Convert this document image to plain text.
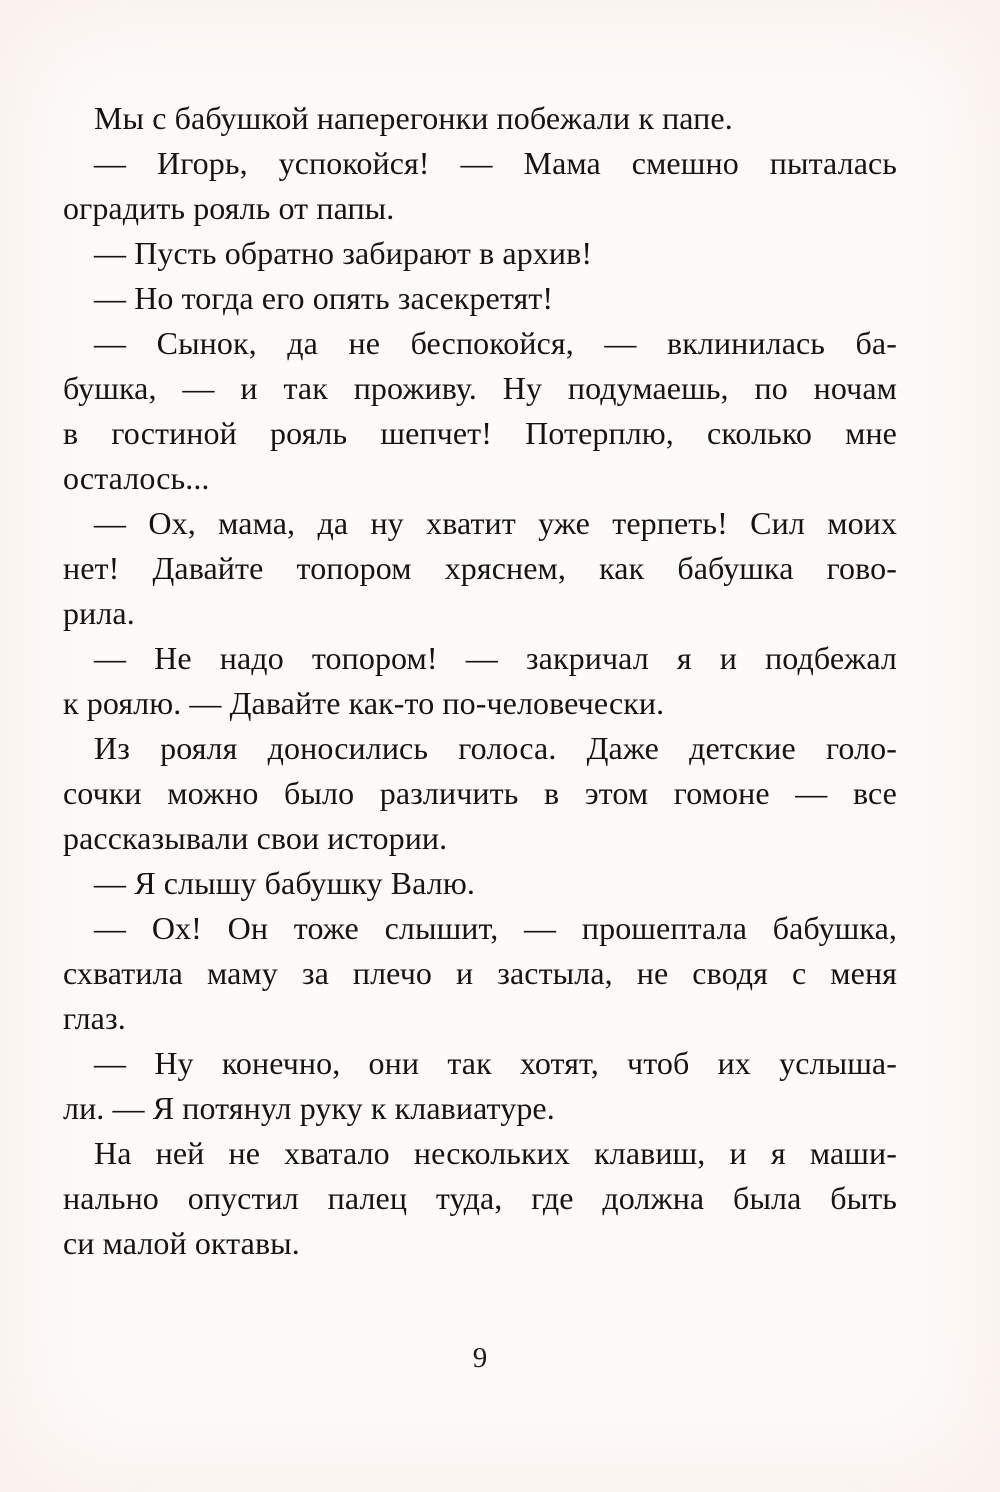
Мы с бабушкой наперегонки побежали к папе.
— Игорь, успокойся! — Мама смешно пыталась
оградить рояль от папы.
— Пусть обратно забирают в архив!
— Но тогда его опять засекретят!
— Сынок, да не беспокойся, — вклинилась ба-
бушка, — и так проживу. Ну подумаешь, по ночам
в гостиной рояль шепчет! Потерплю, сколько мне
осталось...
— Ох, мама, да ну хватит уже терпеть! Сил моих
нет! Давайте топором хряснем, как бабушка гово-
рила.
— Не надо топором! — закричал я и подбежал
к роялю. — Давайте как-то по-человечески.
Из рояля доносились голоса. Даже детские голо-
сочки можно было различить в этом гомоне — все
рассказывали свои истории.
— Я слышу бабушку Валю.
— Ох! Он тоже слышит, — прошептала бабушка,
схватила маму за плечо и застыла, не сводя с меня
глаз.
— Ну конечно, они так хотят, чтоб их услыша-
ли. — Я потянул руку к клавиатуре.
На ней не хватало нескольких клавиш, и я маши-
нально опустил палец туда, где должна была быть
си малой октавы.
9
